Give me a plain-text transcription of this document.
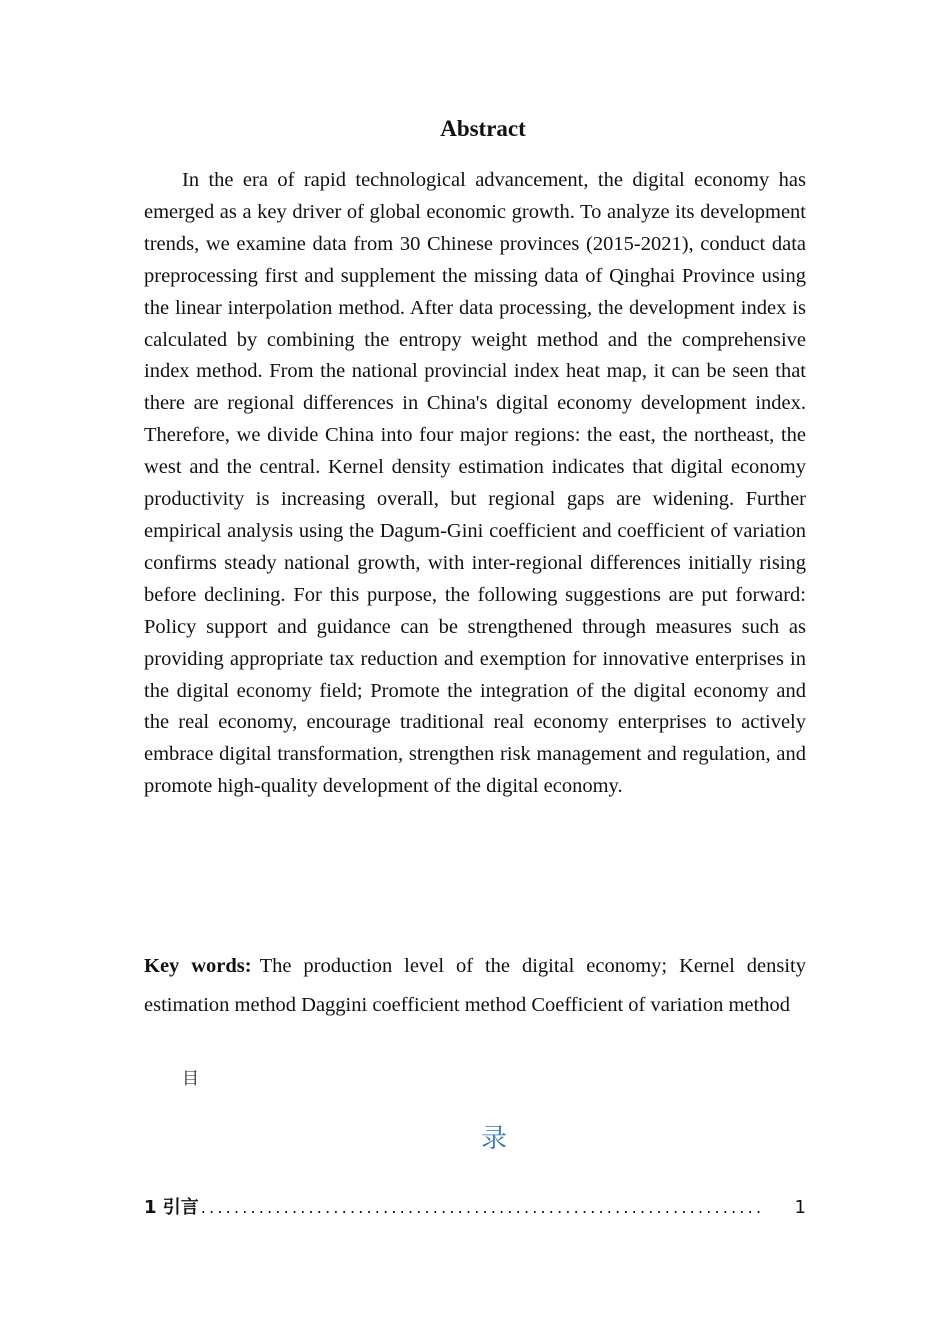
Abstract

In the era of rapid technological advancement, the digital economy has emerged as a key driver of global economic growth. To analyze its development trends, we examine data from 30 Chinese provinces (2015-2021), conduct data preprocessing first and supplement the missing data of Qinghai Province using the linear interpolation method. After data processing, the development index is calculated by combining the entropy weight method and the comprehensive index method. From the national provincial index heat map, it can be seen that there are regional differences in China's digital economy development index. Therefore, we divide China into four major regions: the east, the northeast, the west and the central. Kernel density estimation indicates that digital economy productivity is increasing overall, but regional gaps are widening. Further empirical analysis using the Dagum-Gini coefficient and coefficient of variation confirms steady national growth, with inter-regional differences initially rising before declining. For this purpose, the following suggestions are put forward: Policy support and guidance can be strengthened through measures such as providing appropriate tax reduction and exemption for innovative enterprises in the digital economy field; Promote the integration of the digital economy and the real economy, encourage traditional real economy enterprises to actively embrace digital transformation, strengthen risk management and regulation, and promote high-quality development of the digital economy.

Key words: The production level of the digital economy; Kernel density estimation method Daggini coefficient method Coefficient of variation method

目
录
1 引言 ....................................................................	1
